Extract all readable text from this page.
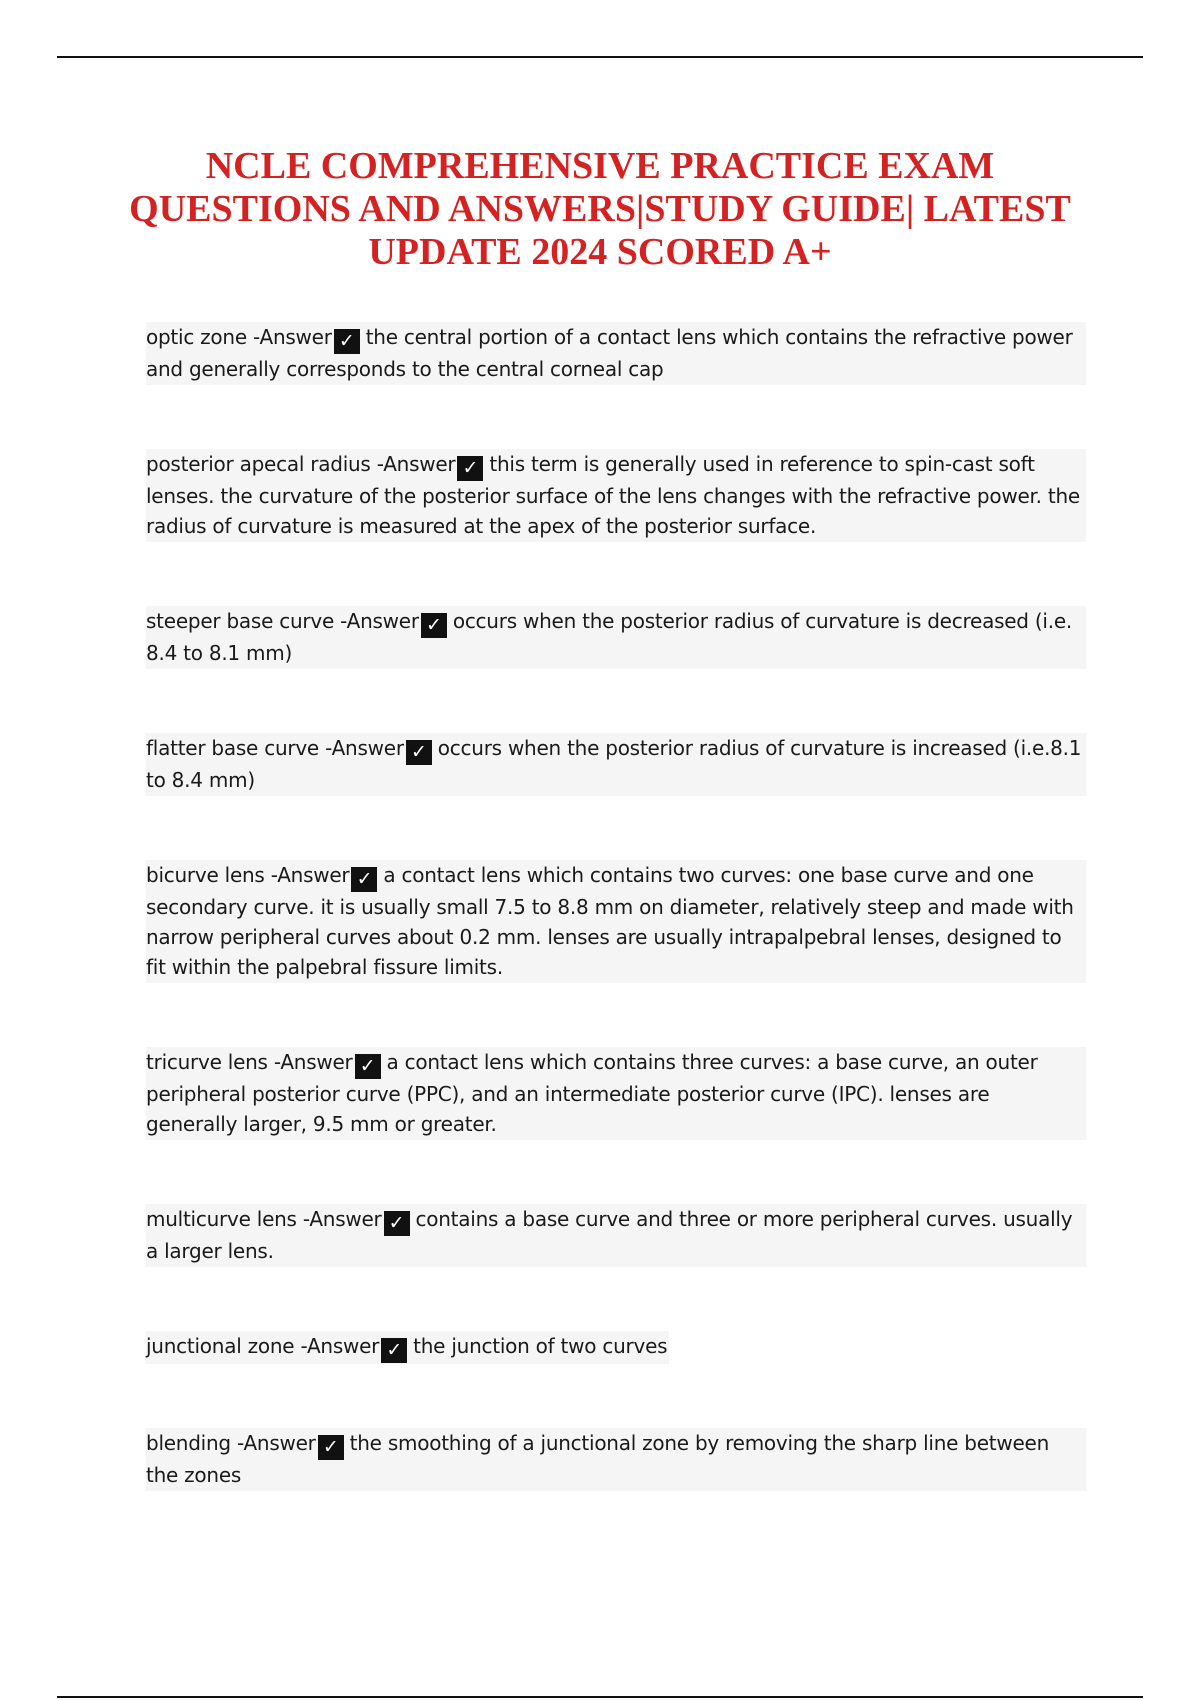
NCLE COMPREHENSIVE PRACTICE EXAM
QUESTIONS AND ANSWERS|STUDY GUIDE| LATEST
UPDATE 2024 SCORED A+
optic zone -Answer ✓ the central portion of a contact lens which contains the refractive power and generally corresponds to the central corneal cap
posterior apecal radius -Answer ✓ this term is generally used in reference to spin-cast soft lenses. the curvature of the posterior surface of the lens changes with the refractive power. the radius of curvature is measured at the apex of the posterior surface.
steeper base curve -Answer ✓ occurs when the posterior radius of curvature is decreased (i.e. 8.4 to 8.1 mm)
flatter base curve -Answer ✓ occurs when the posterior radius of curvature is increased (i.e.8.1 to 8.4 mm)
bicurve lens -Answer ✓ a contact lens which contains two curves: one base curve and one secondary curve. it is usually small 7.5 to 8.8 mm on diameter, relatively steep and made with narrow peripheral curves about 0.2 mm. lenses are usually intrapalpebral lenses, designed to fit within the palpebral fissure limits.
tricurve lens -Answer ✓ a contact lens which contains three curves: a base curve, an outer peripheral posterior curve (PPC), and an intermediate posterior curve (IPC). lenses are generally larger, 9.5 mm or greater.
multicurve lens -Answer ✓ contains a base curve and three or more peripheral curves. usually a larger lens.
junctional zone -Answer ✓ the junction of two curves
blending -Answer ✓ the smoothing of a junctional zone by removing the sharp line between the zones
